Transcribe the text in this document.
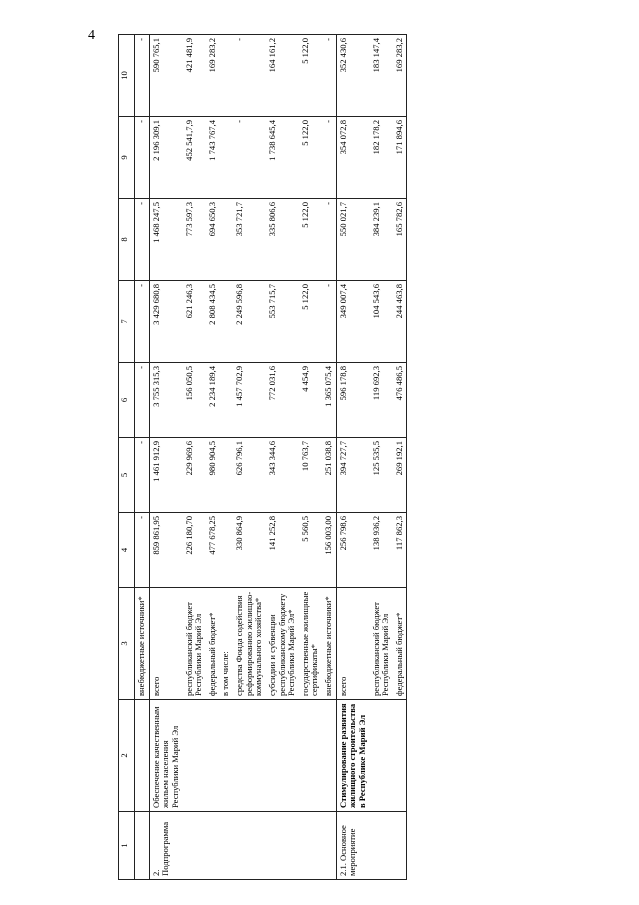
4
1	2	3	4	5	6	7	8	9	10
		внебюджетные источники*	-	-	-	-	-	-	-
2. Подпрограмма	Обеспечение качественным жильем населения Республики Марий Эл	всего	859 861,95	1 461 912,9	3 755 315,3	3 429 680,8	1 468 247,5	2 196 309,1	590 765,1
		республиканский бюджет Республики Марий Эл	226 180,70	229 969,6	156 050,5	621 246,3	773 597,3	452 541,7,9	421 481,9
		федеральный бюджет*	477 678,25	980 904,5	2 234 189,4	2 808 434,5	694 650,3	1 743 767,4	169 283,2
		в том числе:							
		средства Фонда содействия реформированию жилищно-коммунального хозяйства*	330 864,9	626 796,1	1 457 702,9	2 249 596,8	353 721,7	-	-
		субсидии и субвенции республиканскому бюджету Республики Марий Эл*	141 252,8	343 344,6	772 031,6	553 715,7	335 806,6	1 738 645,4	164 161,2
		государственные жилищные сертификаты*	5 560,5	10 763,7	4 454,9	5 122,0	5 122,0	5 122,0	5 122,0
		внебюджетные источники*	156 003,00	251 038,8	1 365 075,4	-	-	-	-
2.1. Основное мероприятие	Стимулирование развития жилищного строительства в Республике Марий Эл	всего	256 798,6	394 727,7	596 178,8	349 007,4	550 021,7	354 072,8	352 430,6
		республиканский бюджет Республики Марий Эл	138 936,2	125 535,5	119 692,3	104 543,6	384 239,1	182 178,2	183 147,4
		федеральный бюджет*	117 862,3	269 192,1	476 486,5	244 463,8	165 782,6	171 894,6	169 283,2
